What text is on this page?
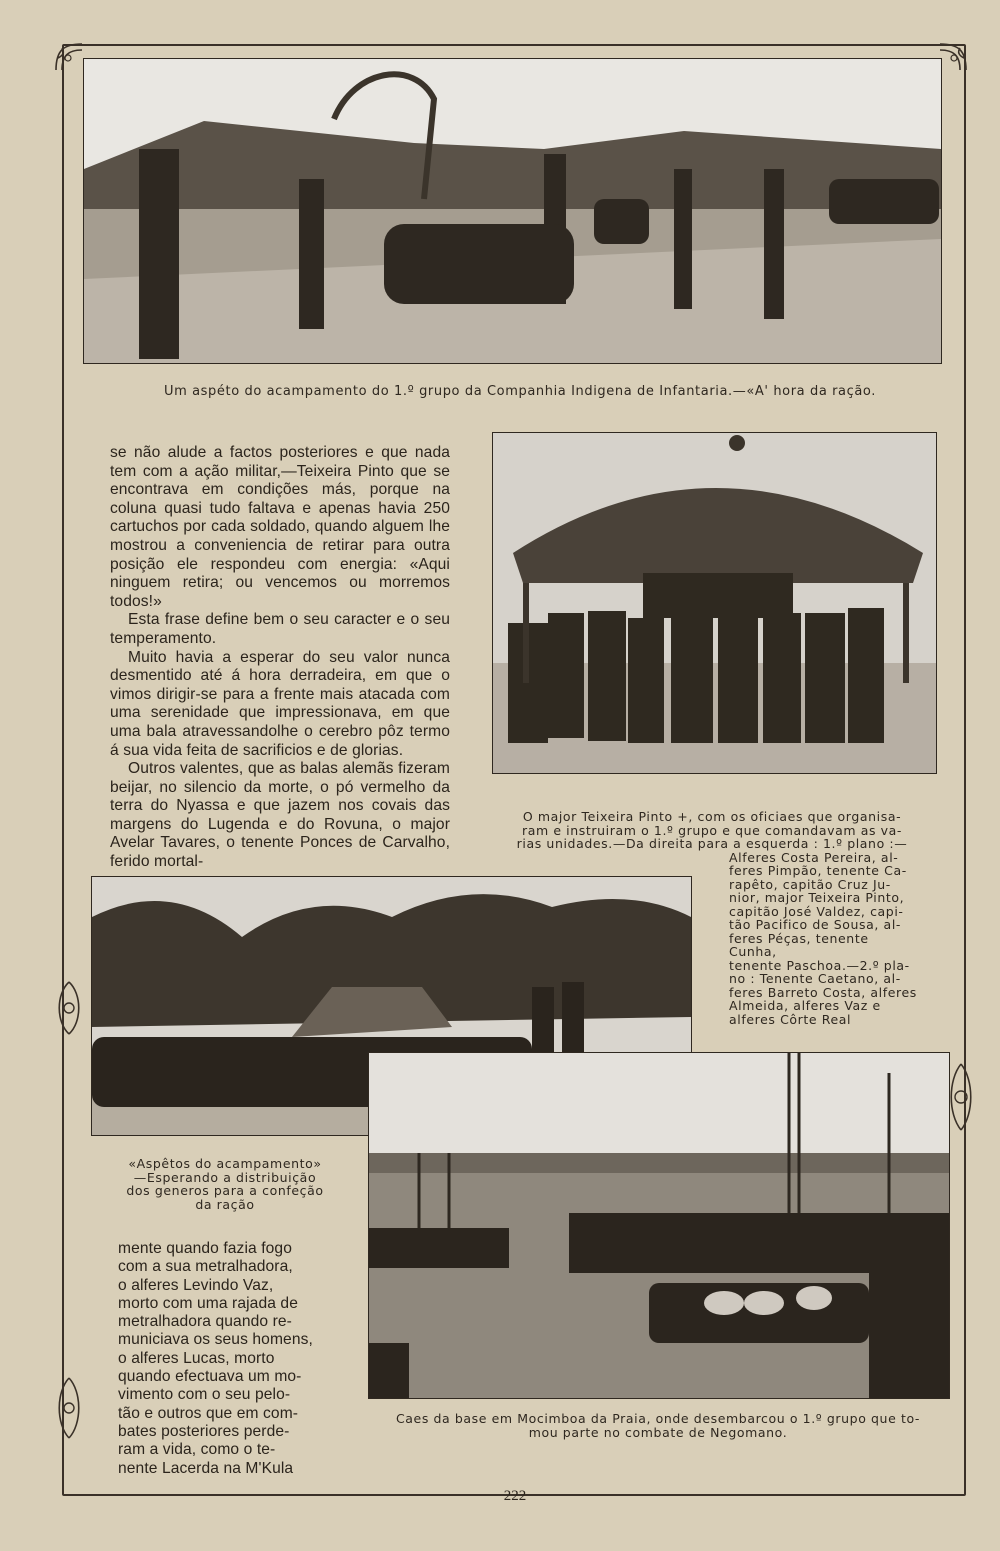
Um aspéto do acampamento do 1.º grupo da Companhia Indigena de Infantaria.—«A' hora da ração.

se não alude a factos posteriores e que nada tem com a ação militar,—Teixeira Pinto que se encontrava em condições más, porque na coluna quasi tudo faltava e apenas havia 250 cartuchos por cada soldado, quando alguem lhe mostrou a conveniencia de retirar para outra posição ele respondeu com energia: «Aqui ninguem retira; ou vencemos ou morremos todos!»

Esta frase define bem o seu caracter e o seu temperamento.

Muito havia a esperar do seu valor nunca desmentido até á hora derradeira, em que o vimos dirigir-se para a frente mais atacada com uma serenidade que impressionava, em que uma bala atravessandolhe o cerebro pôz termo á sua vida feita de sacrificios e de glorias.

Outros valentes, que as balas alemãs fizeram beijar, no silencio da morte, o pó vermelho da terra do Nyassa e que jazem nos covais das margens do Lugenda e do Rovuna, o major Avelar Tavares, o tenente Ponces de Carvalho, ferido mortal-

O major Teixeira Pinto +, com os oficiaes que organisa-
ram e instruiram o 1.º grupo e que comandavam as va-
rias unidades.—Da direita para a esquerda : 1.º plano :—
Alferes Costa Pereira, al-
feres Pimpão, tenente Ca-
rapêto, capitão Cruz Ju-
nior, major Teixeira Pinto,
capitão José Valdez, capi-
tão Pacifico de Sousa, al-
feres Péças, tenente Cunha,
tenente Paschoa.—2.º pla-
no : Tenente Caetano, al-
feres Barreto Costa, alferes
Almeida, alferes Vaz e
alferes Côrte Real
«Aspêtos do acampamento»
—Esperando a distribuição
dos generos para a confeção
da ração
Caes da base em Mocimboa da Praia, onde desembarcou o 1.º grupo que to-
mou parte no combate de Negomano.
mente quando fazia fogo
com a sua metralhadora,
o alferes Levindo Vaz,
morto com uma rajada de
metralhadora quando re-
municiava os seus homens,
o alferes Lucas, morto
quando efectuava um mo-
vimento com o seu pelo-
tão e outros que em com-
bates posteriores perde-
ram a vida, como o te-
nente Lacerda na M'Kula
222
